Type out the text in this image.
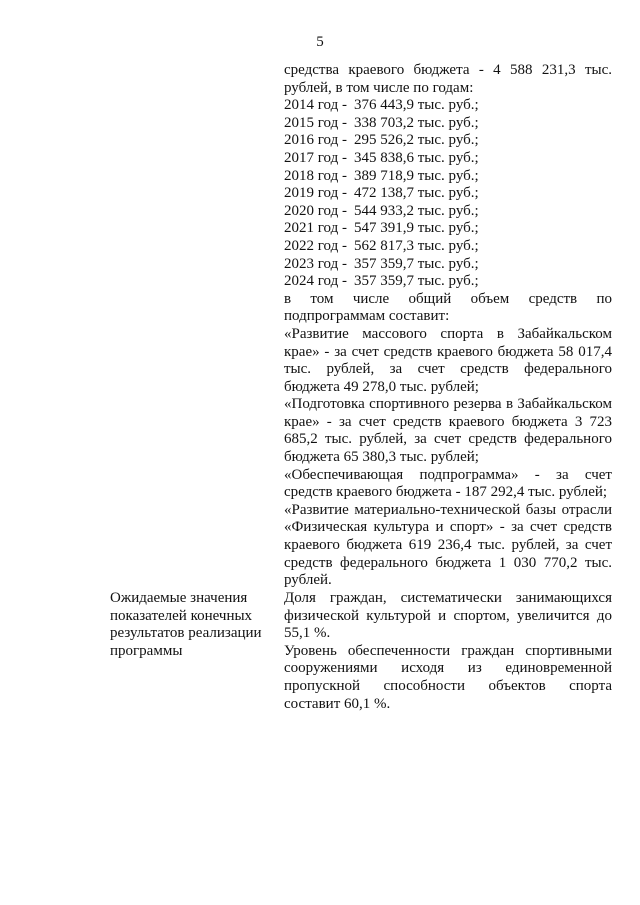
5
средства краевого бюджета - 4 588 231,3 тыс. рублей, в том числе по годам:
2014 год - 376 443,9 тыс. руб.;
2015 год - 338 703,2 тыс. руб.;
2016 год - 295 526,2 тыс. руб.;
2017 год - 345 838,6 тыс. руб.;
2018 год - 389 718,9 тыс. руб.;
2019 год - 472 138,7 тыс. руб.;
2020 год - 544 933,2 тыс. руб.;
2021 год - 547 391,9 тыс. руб.;
2022 год - 562 817,3 тыс. руб.;
2023 год - 357 359,7 тыс. руб.;
2024 год - 357 359,7 тыс. руб.;
в том числе общий объем средств по подпрограммам составит:
«Развитие массового спорта в Забайкальском крае» - за счет средств краевого бюджета 58 017,4 тыс. рублей, за счет средств федерального бюджета 49 278,0 тыс. рублей;
«Подготовка спортивного резерва в Забайкальском крае» - за счет средств краевого бюджета 3 723 685,2 тыс. рублей, за счет средств федерального бюджета 65 380,3 тыс. рублей;
«Обеспечивающая подпрограмма» - за счет средств краевого бюджета - 187 292,4 тыс. рублей;
«Развитие материально-технической базы отрасли «Физическая культура и спорт» - за счет средств краевого бюджета 619 236,4 тыс. рублей, за счет средств федерального бюджета 1 030 770,2 тыс. рублей.
Ожидаемые значения показателей конечных результатов реализации программы
Доля граждан, систематически занимающихся физической культурой и спортом, увеличится до 55,1 %.
Уровень обеспеченности граждан спортивными сооружениями исходя из единовременной пропускной способности объектов спорта составит 60,1 %.
